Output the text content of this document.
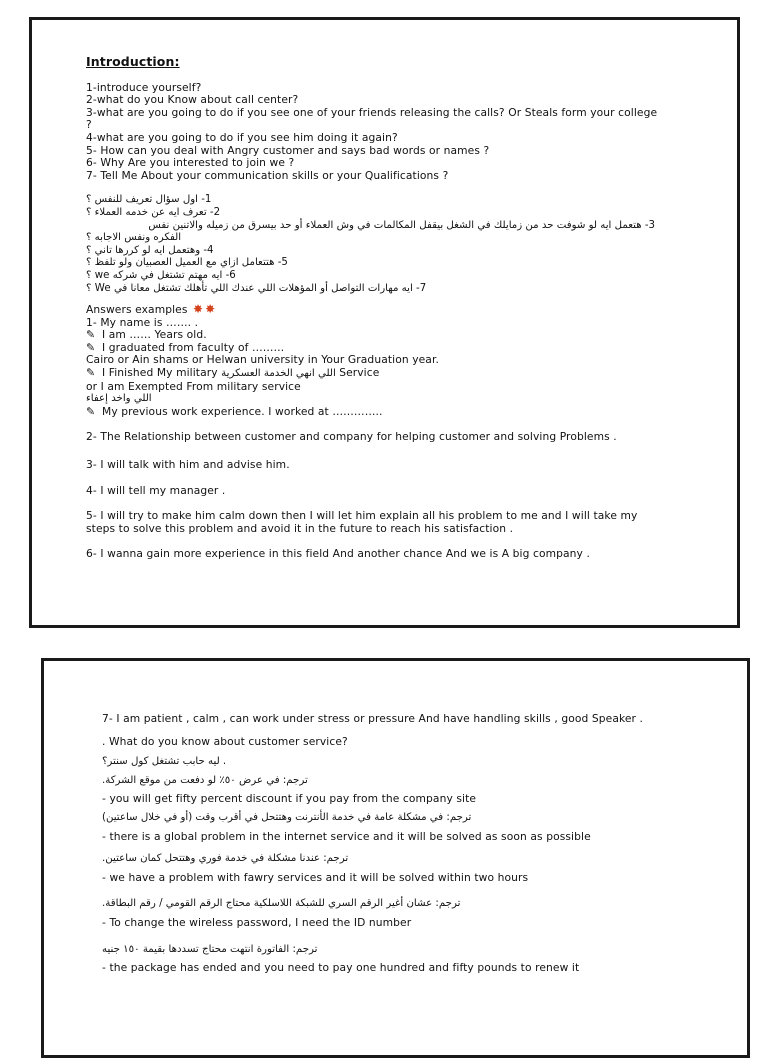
Introduction:
1-introduce yourself?
2-what do you Know about call center?
3-what are you going to do if you see one of your friends releasing the calls? Or Steals form your college ?
4-what are you going to do if you see him doing it again?
5- How can you deal with Angry customer and says bad words or names ?
6- Why Are you interested to join we ?
7- Tell Me About your communication skills or your Qualifications ?
1- اول سؤال تعريف للنفس ؟
2- تعرف ايه عن خدمه العملاء ؟
3- هتعمل ايه لو شوفت حد من زمايلك في الشغل بيقفل المكالمات في وش العملاء أو حد بيسرق من زميله والاتنين نفس
الفكره ونفس الاجابه ؟
4- وهتعمل ايه لو كررها تاني ؟
5- هتتعامل ازاي مع العميل العصبيان ولو تلفظ ؟
6- ايه مهتم تشتغل في شركه we ؟
7- ايه مهارات التواصل أو المؤهلات اللي عندك اللي تأهلك تشتغل معانا في We ؟
Answers examples ✸ ✸
1- My name is ……. .
✎ I am …… Years old.
✎ I graduated from faculty of ………
Cairo or Ain shams or Helwan university in Your Graduation year.
✎ I Finished My military اللي انهي الخدمة العسكرية Service
or I am Exempted From military service
اللي واخد إعفاء
✎ My previous work experience. I worked at …………..
2- The Relationship between customer and company for helping customer and solving Problems .
3- I will talk with him and advise him.
4- I will tell my manager .
5- I will try to make him calm down then I will let him explain all his problem to me and I will take my steps to solve this problem and avoid it in the future to reach his satisfaction .
6- I wanna gain more experience in this field And another chance And we is A big company .
7- I am patient , calm , can work under stress or pressure And have handling skills , good Speaker .
. What do you know about customer service?
. ليه حابب تشتغل كول سنتر؟
ترجم: في عرض ٥٠٪ لو دفعت من موقع الشركة.
- you will get fifty percent discount if you pay from the company site
ترجم: في مشكلة عامة في خدمة الأنترنت وهتتحل في أقرب وقت (أو في خلال ساعتين)
- there is a global problem in the internet service and it will be solved as soon as possible
ترجم: عندنا مشكلة في خدمة فوري وهتتحل كمان ساعتين.
- we have a problem with fawry services and it will be solved within two hours
ترجم: عشان أغير الرقم السري للشبكة اللاسلكية محتاج الرقم القومي / رقم البطاقة.
- To change the wireless password, I need the ID number
ترجم: الفاتورة انتهت محتاج تسددها بقيمة ١٥٠ جنيه
- the package has ended and you need to pay one hundred and fifty pounds to renew it
